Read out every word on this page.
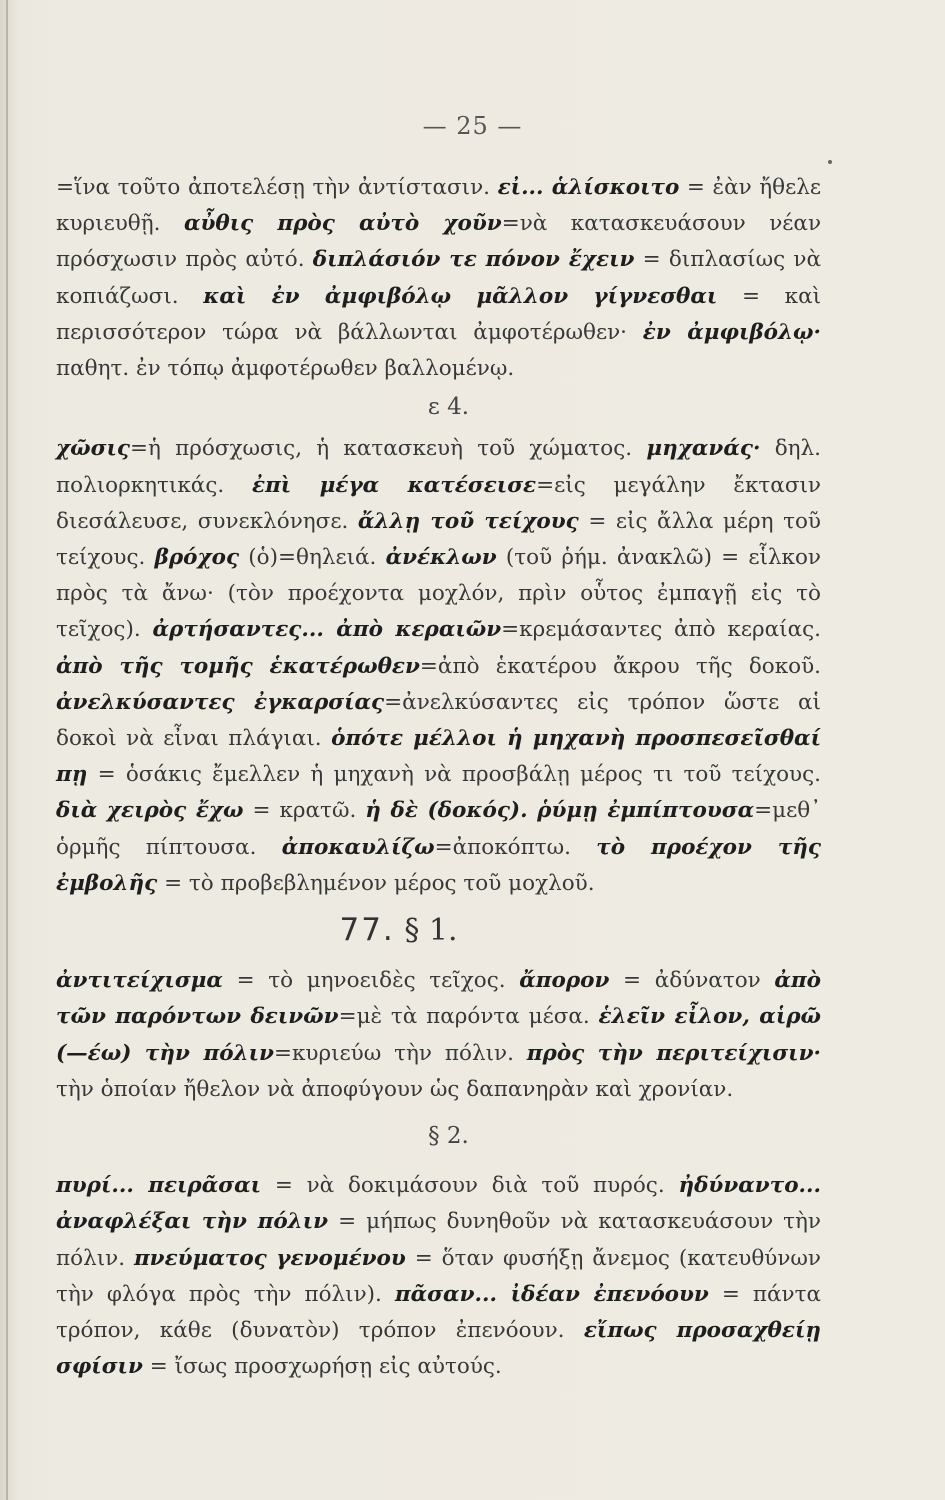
— 25 —

=ἵνα τοῦτο ἀποτελέσῃ τὴν ἀντίστασιν. εἰ... ἁλίσκοιτο = ἐὰν ἤθελε κυριευθῇ. αὖθις πρὸς αὐτὸ χοῦν=νὰ κατασκευάσουν νέαν πρόσχωσιν πρὸς αὐτό. διπλάσιόν τε πόνον ἔχειν = διπλασίως νὰ κοπιάζωσι. καὶ ἐν ἀμφιβόλῳ μᾶλλον γίγνεσθαι = καὶ περισσότερον τώρα νὰ βάλλωνται ἀμφοτέρωθεν· ἐν ἀμφιβόλῳ· παθητ. ἐν τόπῳ ἀμφοτέρωθεν βαλλομένῳ.

ε 4.

χῶσις=ἡ πρόσχωσις, ἡ κατασκευὴ τοῦ χώματος. μηχανάς· δηλ. πολιορκητικάς. ἐπὶ μέγα κατέσεισε=εἰς μεγάλην ἔκτασιν διεσάλευσε, συνεκλόνησε. ἄλλῃ τοῦ τείχους = εἰς ἄλλα μέρη τοῦ τείχους. βρόχος (ὁ)=θηλειά. ἀνέκλων (τοῦ ῥήμ. ἀνακλῶ) = εἷλκον πρὸς τὰ ἄνω· (τὸν προέχοντα μοχλόν, πρὶν οὗτος ἐμπαγῇ εἰς τὸ τεῖχος). ἀρτήσαντες... ἀπὸ κεραιῶν=κρεμάσαντες ἀπὸ κεραίας. ἀπὸ τῆς τομῆς ἑκατέρωθεν=ἀπὸ ἑκατέρου ἄκρου τῆς δοκοῦ. ἀνελκύσαντες ἐγκαρσίας=ἀνελκύσαντες εἰς τρόπον ὥστε αἱ δοκοὶ νὰ εἶναι πλάγιαι. ὁπότε μέλλοι ἡ μηχανὴ προσπεσεῖσθαί πῃ = ὁσάκις ἔμελλεν ἡ μηχανὴ νὰ προσβάλῃ μέρος τι τοῦ τείχους. διὰ χειρὸς ἔχω = κρατῶ. ἡ δὲ (δοκός). ῥύμῃ ἐμπίπτουσα=μεθ᾽ ὁρμῆς πίπτουσα. ἀποκαυλίζω=ἀποκόπτω. τὸ προέχον τῆς ἐμβολῆς = τὸ προβεβλημένον μέρος τοῦ μοχλοῦ.

77. § 1.

ἀντιτείχισμα = τὸ μηνοειδὲς τεῖχος. ἄπορον = ἀδύνατον ἀπὸ τῶν παρόντων δεινῶν=μὲ τὰ παρόντα μέσα. ἑλεῖν εἶλον, αἱρῶ (—έω) τὴν πόλιν=κυριεύω τὴν πόλιν. πρὸς τὴν περιτείχισιν· τὴν ὁποίαν ἤθελον νὰ ἀποφύγουν ὡς δαπανηρὰν καὶ χρονίαν.

§ 2.

πυρί... πειρᾶσαι = νὰ δοκιμάσουν διὰ τοῦ πυρός. ἠδύναντο... ἀναφλέξαι τὴν πόλιν = μήπως δυνηθοῦν νὰ κατασκευάσουν τὴν πόλιν. πνεύματος γενομένου = ὅταν φυσήξῃ ἄνεμος (κατευθύνων τὴν φλόγα πρὸς τὴν πόλιν). πᾶσαν... ἰδέαν ἐπενόουν = πάντα τρόπον, κάθε (δυνατὸν) τρόπον ἐπενόουν. εἴπως προσαχθείῃ σφίσιν = ἴσως προσχωρήσῃ εἰς αὐτούς.
